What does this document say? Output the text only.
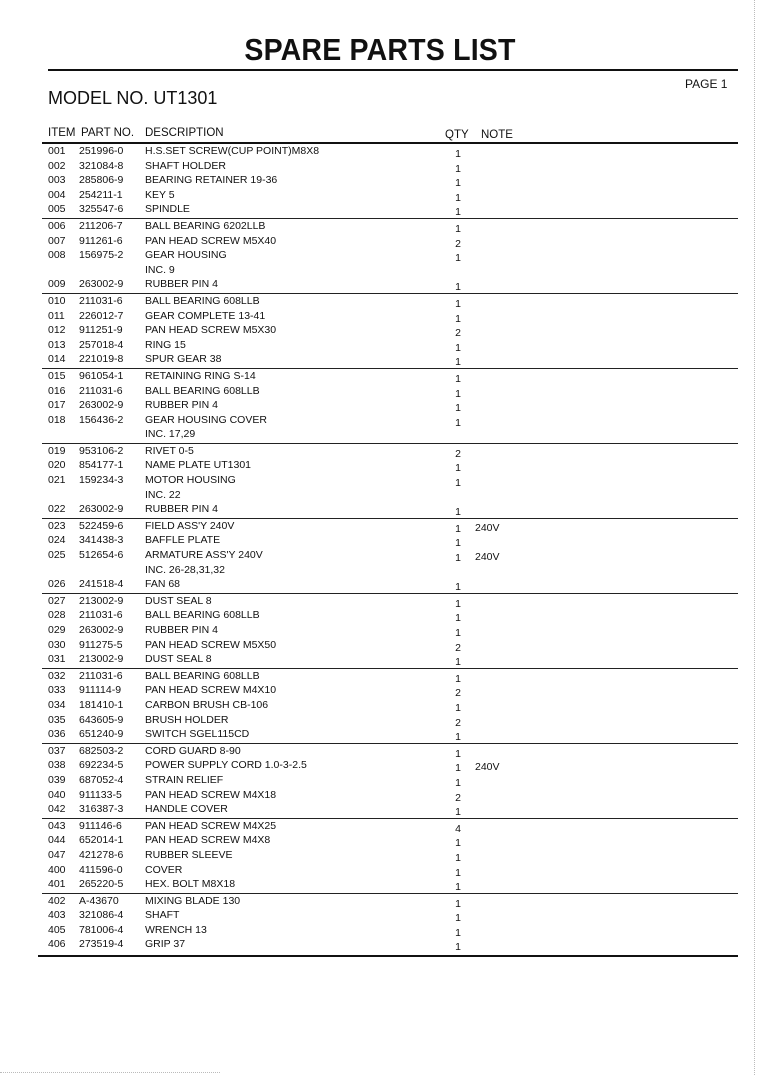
SPARE PARTS LIST
PAGE 1
MODEL NO. UT1301
ITEM PART NO. DESCRIPTION	QTY NOTE
001 251996-0 H.S.SET SCREW(CUP POINT)M8X8	1
002 321084-8 SHAFT HOLDER	1
003 285806-9 BEARING RETAINER 19-36	1
004 254211-1 KEY 5	1
005 325547-6 SPINDLE	1
006 211206-7 BALL BEARING 6202LLB	1
007 911261-6 PAN HEAD SCREW M5X40	2
008 156975-2 GEAR HOUSING	1
INC. 9
009 263002-9 RUBBER PIN 4	1
010 211031-6 BALL BEARING 608LLB	1
011 226012-7 GEAR COMPLETE 13-41	1
012 911251-9 PAN HEAD SCREW M5X30	2
013 257018-4 RING 15	1
014 221019-8 SPUR GEAR 38	1
015 961054-1 RETAINING RING S-14	1
016 211031-6 BALL BEARING 608LLB	1
017 263002-9 RUBBER PIN 4	1
018 156436-2 GEAR HOUSING COVER	1
INC. 17,29
019 953106-2 RIVET 0-5	2
020 854177-1 NAME PLATE UT1301	1
021 159234-3 MOTOR HOUSING	1
INC. 22
022 263002-9 RUBBER PIN 4	1
023 522459-6 FIELD ASS'Y 240V	1 240V
024 341438-3 BAFFLE PLATE	1
025 512654-6 ARMATURE ASS'Y 240V	1 240V
INC. 26-28,31,32
026 241518-4 FAN 68	1
027 213002-9 DUST SEAL 8	1
028 211031-6 BALL BEARING 608LLB	1
029 263002-9 RUBBER PIN 4	1
030 911275-5 PAN HEAD SCREW M5X50	2
031 213002-9 DUST SEAL 8	1
032 211031-6 BALL BEARING 608LLB	1
033 911114-9 PAN HEAD SCREW M4X10	2
034 181410-1 CARBON BRUSH CB-106	1
035 643605-9 BRUSH HOLDER	2
036 651240-9 SWITCH SGEL115CD	1
037 682503-2 CORD GUARD 8-90	1
038 692234-5 POWER SUPPLY CORD 1.0-3-2.5	1 240V
039 687052-4 STRAIN RELIEF	1
040 911133-5 PAN HEAD SCREW M4X18	2
042 316387-3 HANDLE COVER	1
043 911146-6 PAN HEAD SCREW M4X25	4
044 652014-1 PAN HEAD SCREW M4X8	1
047 421278-6 RUBBER SLEEVE	1
400 411596-0 COVER	1
401 265220-5 HEX. BOLT M8X18	1
402 A-43670	MIXING BLADE 130	1
403 321086-4 SHAFT	1
405 781006-4 WRENCH 13	1
406 273519-4 GRIP 37	1
